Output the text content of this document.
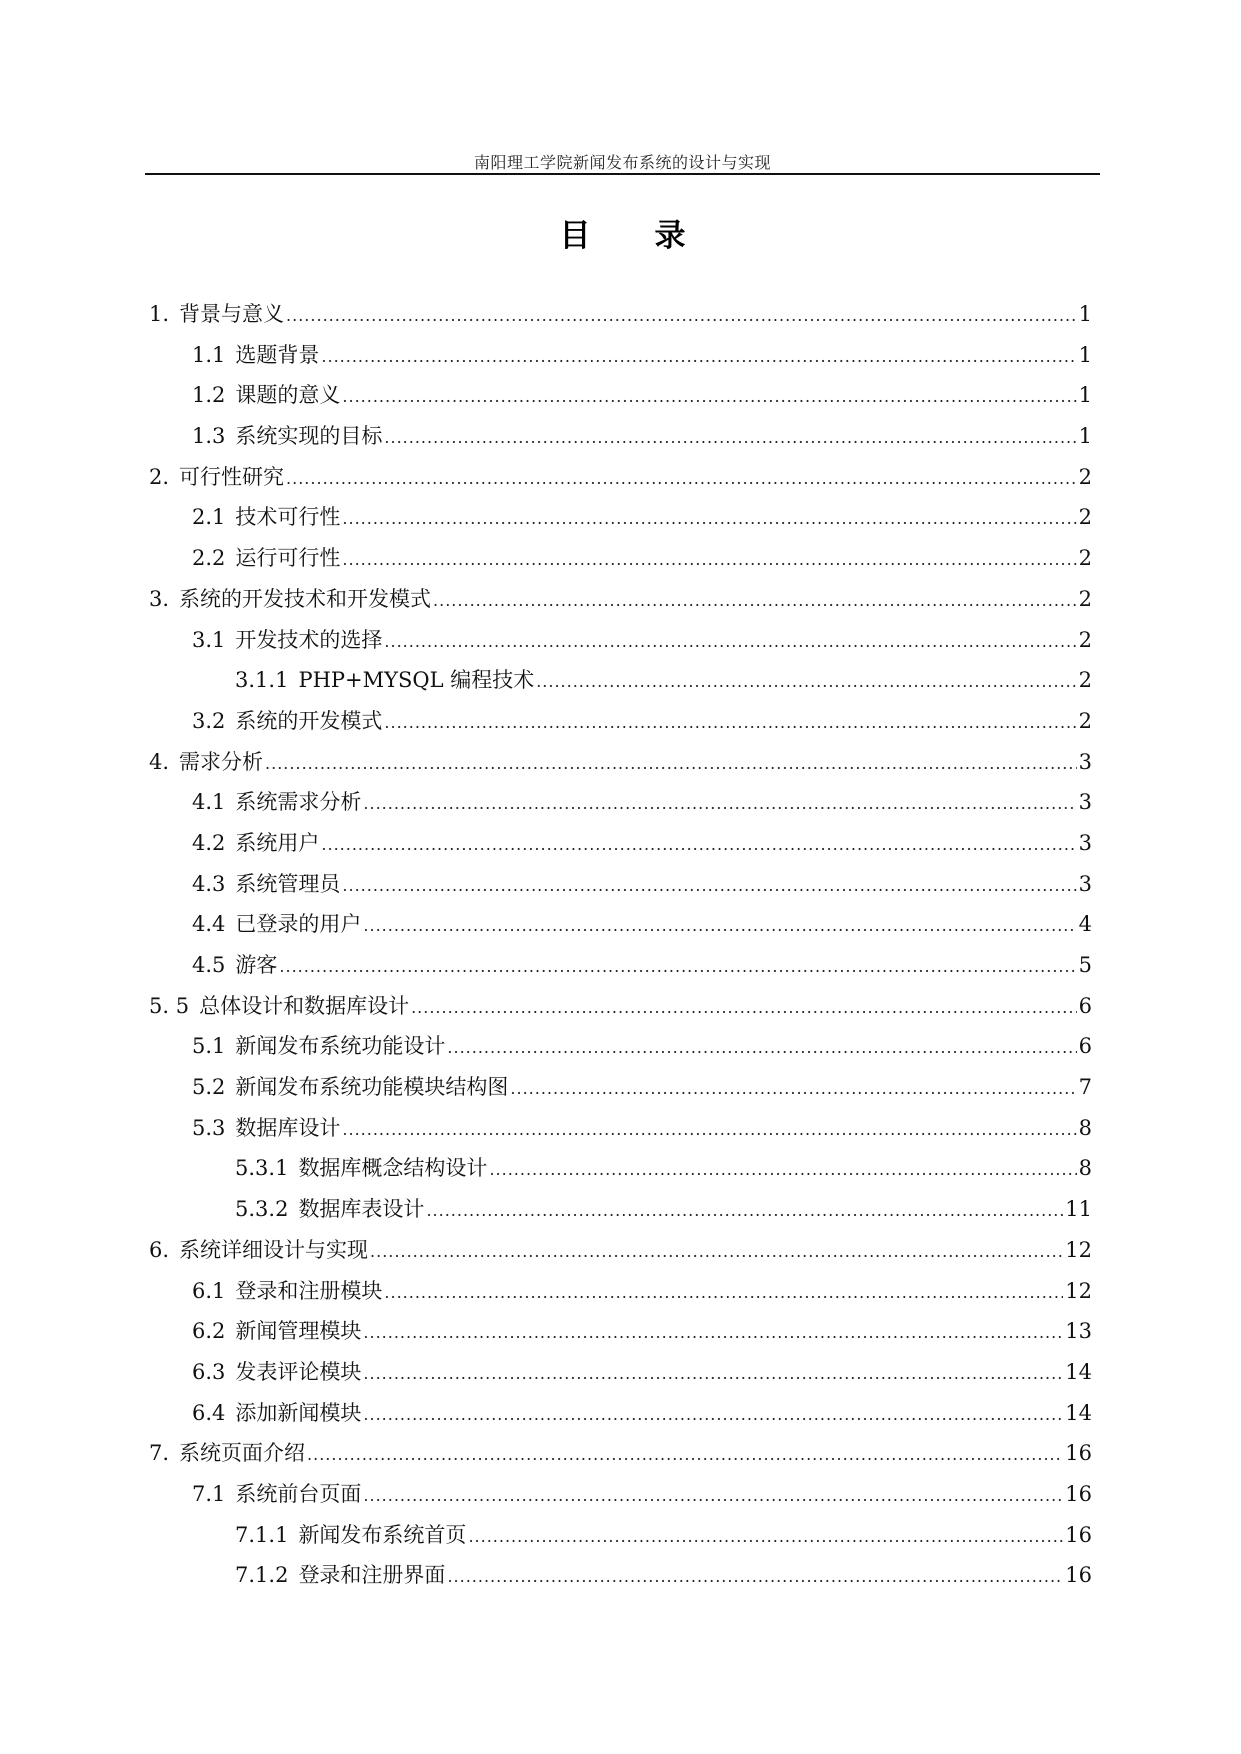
南阳理工学院新闻发布系统的设计与实现
目录
1. 背景与意义 .....	1
1.1 选题背景 .....	1
1.2 课题的意义 .....	1
1.3 系统实现的目标 .....	1
2. 可行性研究 .....	2
2.1 技术可行性 .....	2
2.2 运行可行性 .....	2
3. 系统的开发技术和开发模式 .....	2
3.1 开发技术的选择 .....	2
3.1.1 PHP+MYSQL 编程技术 .....	2
3.2 系统的开发模式 .....	2
4. 需求分析 .....	3
4.1 系统需求分析 .....	3
4.2 系统用户 .....	3
4.3 系统管理员 .....	3
4.4 已登录的用户 .....	4
4.5 游客 .....	5
5. 5 总体设计和数据库设计 .....	6
5.1 新闻发布系统功能设计 .....	6
5.2 新闻发布系统功能模块结构图 .....	7
5.3 数据库设计 .....	8
5.3.1 数据库概念结构设计 .....	8
5.3.2 数据库表设计 .....	11
6. 系统详细设计与实现 .....	12
6.1 登录和注册模块 .....	12
6.2 新闻管理模块 .....	13
6.3 发表评论模块 .....	14
6.4 添加新闻模块 .....	14
7. 系统页面介绍 .....	16
7.1 系统前台页面 .....	16
7.1.1 新闻发布系统首页 .....	16
7.1.2 登录和注册界面 .....	16
